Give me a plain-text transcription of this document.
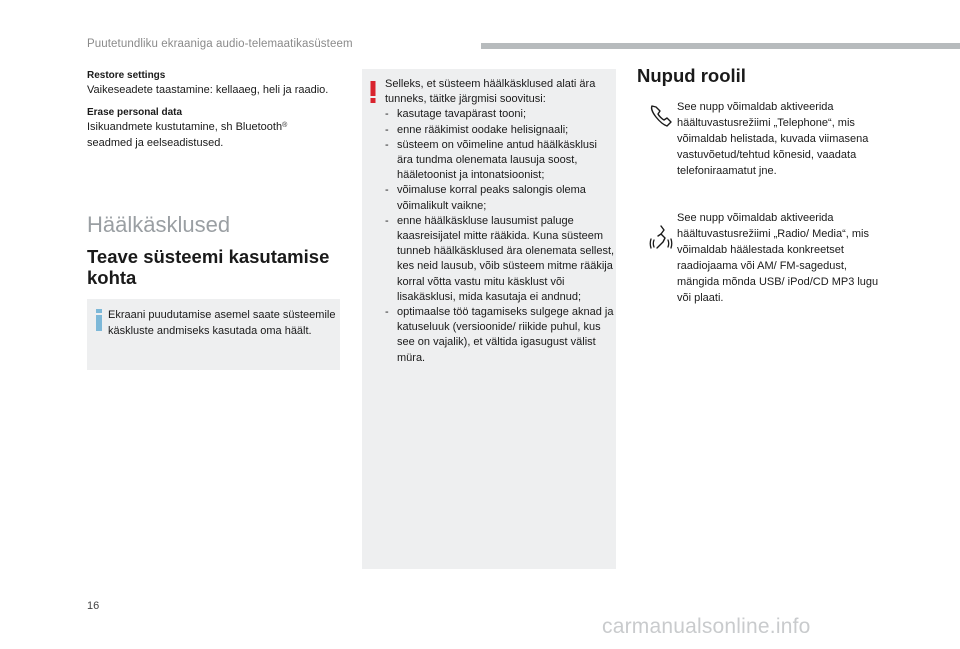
Puutetundliku ekraaniga audio-telemaatikasüsteem

Restore settings

Vaikeseadete taastamine: kellaaeg, heli ja raadio.

Erase personal data

Isikuandmete kustutamine, sh Bluetooth®
seadmed ja eelseadistused.

Häälkäsklused
Teave süsteemi kasutamise kohta
Ekraani puudutamise asemel saate süsteemile käskluste andmiseks kasutada oma häält.

Selleks, et süsteem häälkäsklused alati ära tunneks, täitke järgmisi soovitusi:

- kasutage tavapärast tooni;
- enne rääkimist oodake helisignaali;
- süsteem on võimeline antud häälkäsklusi ära tundma olenemata lausuja soost, hääletoonist ja intonatsioonist;
- võimaluse korral peaks salongis olema võimalikult vaikne;
- enne häälkäskluse lausumist paluge kaasreisijatel mitte rääkida. Kuna süsteem tunneb häälkäsklused ära olenemata sellest, kes neid lausub, võib süsteem mitme rääkija korral võtta vastu mitu käsklust või lisakäsklusi, mida kasutaja ei andnud;
- optimaalse töö tagamiseks sulgege aknad ja katuseluuk (versioonide/ riikide puhul, kus see on vajalik), et vältida igasugust välist müra.
Nupud roolil
See nupp võimaldab aktiveerida häältuvastusrežiimi „Telephone“, mis võimaldab helistada, kuvada viimasena vastuvõetud/tehtud kõnesid, vaadata telefoniraamatut jne.
See nupp võimaldab aktiveerida häältuvastusrežiimi „Radio/ Media“, mis võimaldab häälestada konkreetset raadiojaama või AM/ FM-sagedust, mängida mõnda USB/ iPod/CD MP3 lugu või plaati.
16
carmanualsonline.info
